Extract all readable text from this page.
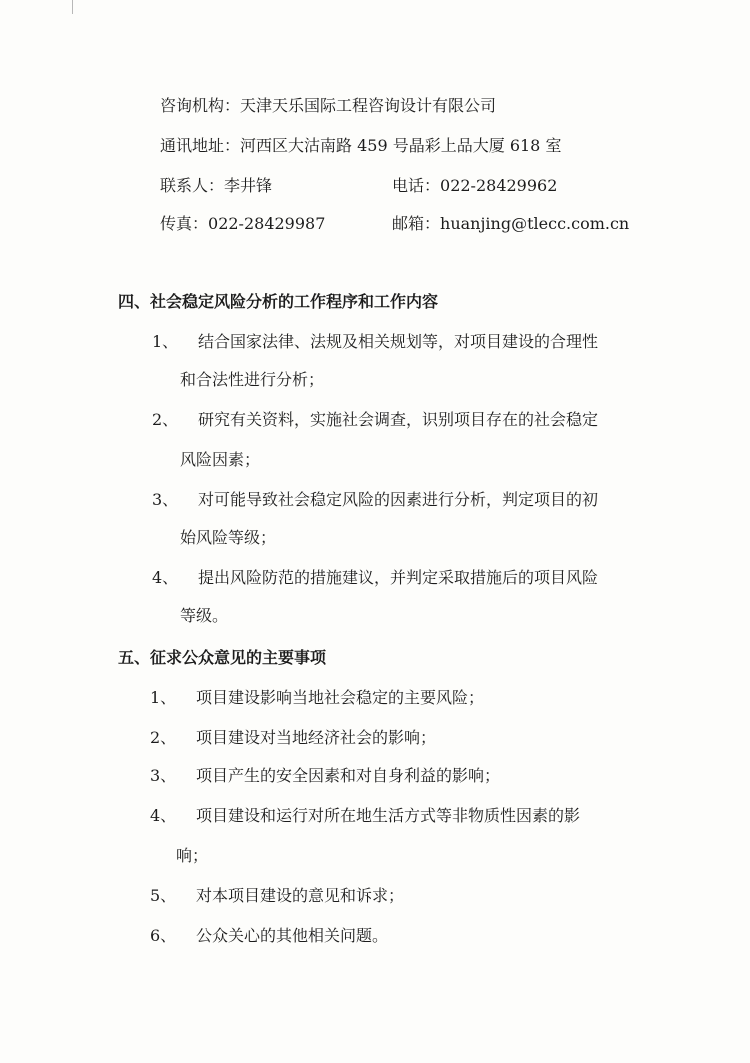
咨询机构：天津天乐国际工程咨询设计有限公司
通讯地址：河西区大沽南路 459 号晶彩上品大厦 618 室
联系人：李井锋	电话：022-28429962
传真：022-28429987	邮箱：huanjing@tlecc.com.cn
四、社会稳定风险分析的工作程序和工作内容
1、 结合国家法律、法规及相关规划等，对项目建设的合理性
和合法性进行分析；
2、 研究有关资料，实施社会调查，识别项目存在的社会稳定
风险因素；
3、 对可能导致社会稳定风险的因素进行分析，判定项目的初
始风险等级；
4、 提出风险防范的措施建议，并判定采取措施后的项目风险
等级。
五、征求公众意见的主要事项
1、 项目建设影响当地社会稳定的主要风险；
2、 项目建设对当地经济社会的影响；
3、 项目产生的安全因素和对自身利益的影响；
4、 项目建设和运行对所在地生活方式等非物质性因素的影
响；
5、 对本项目建设的意见和诉求；
6、 公众关心的其他相关问题。
